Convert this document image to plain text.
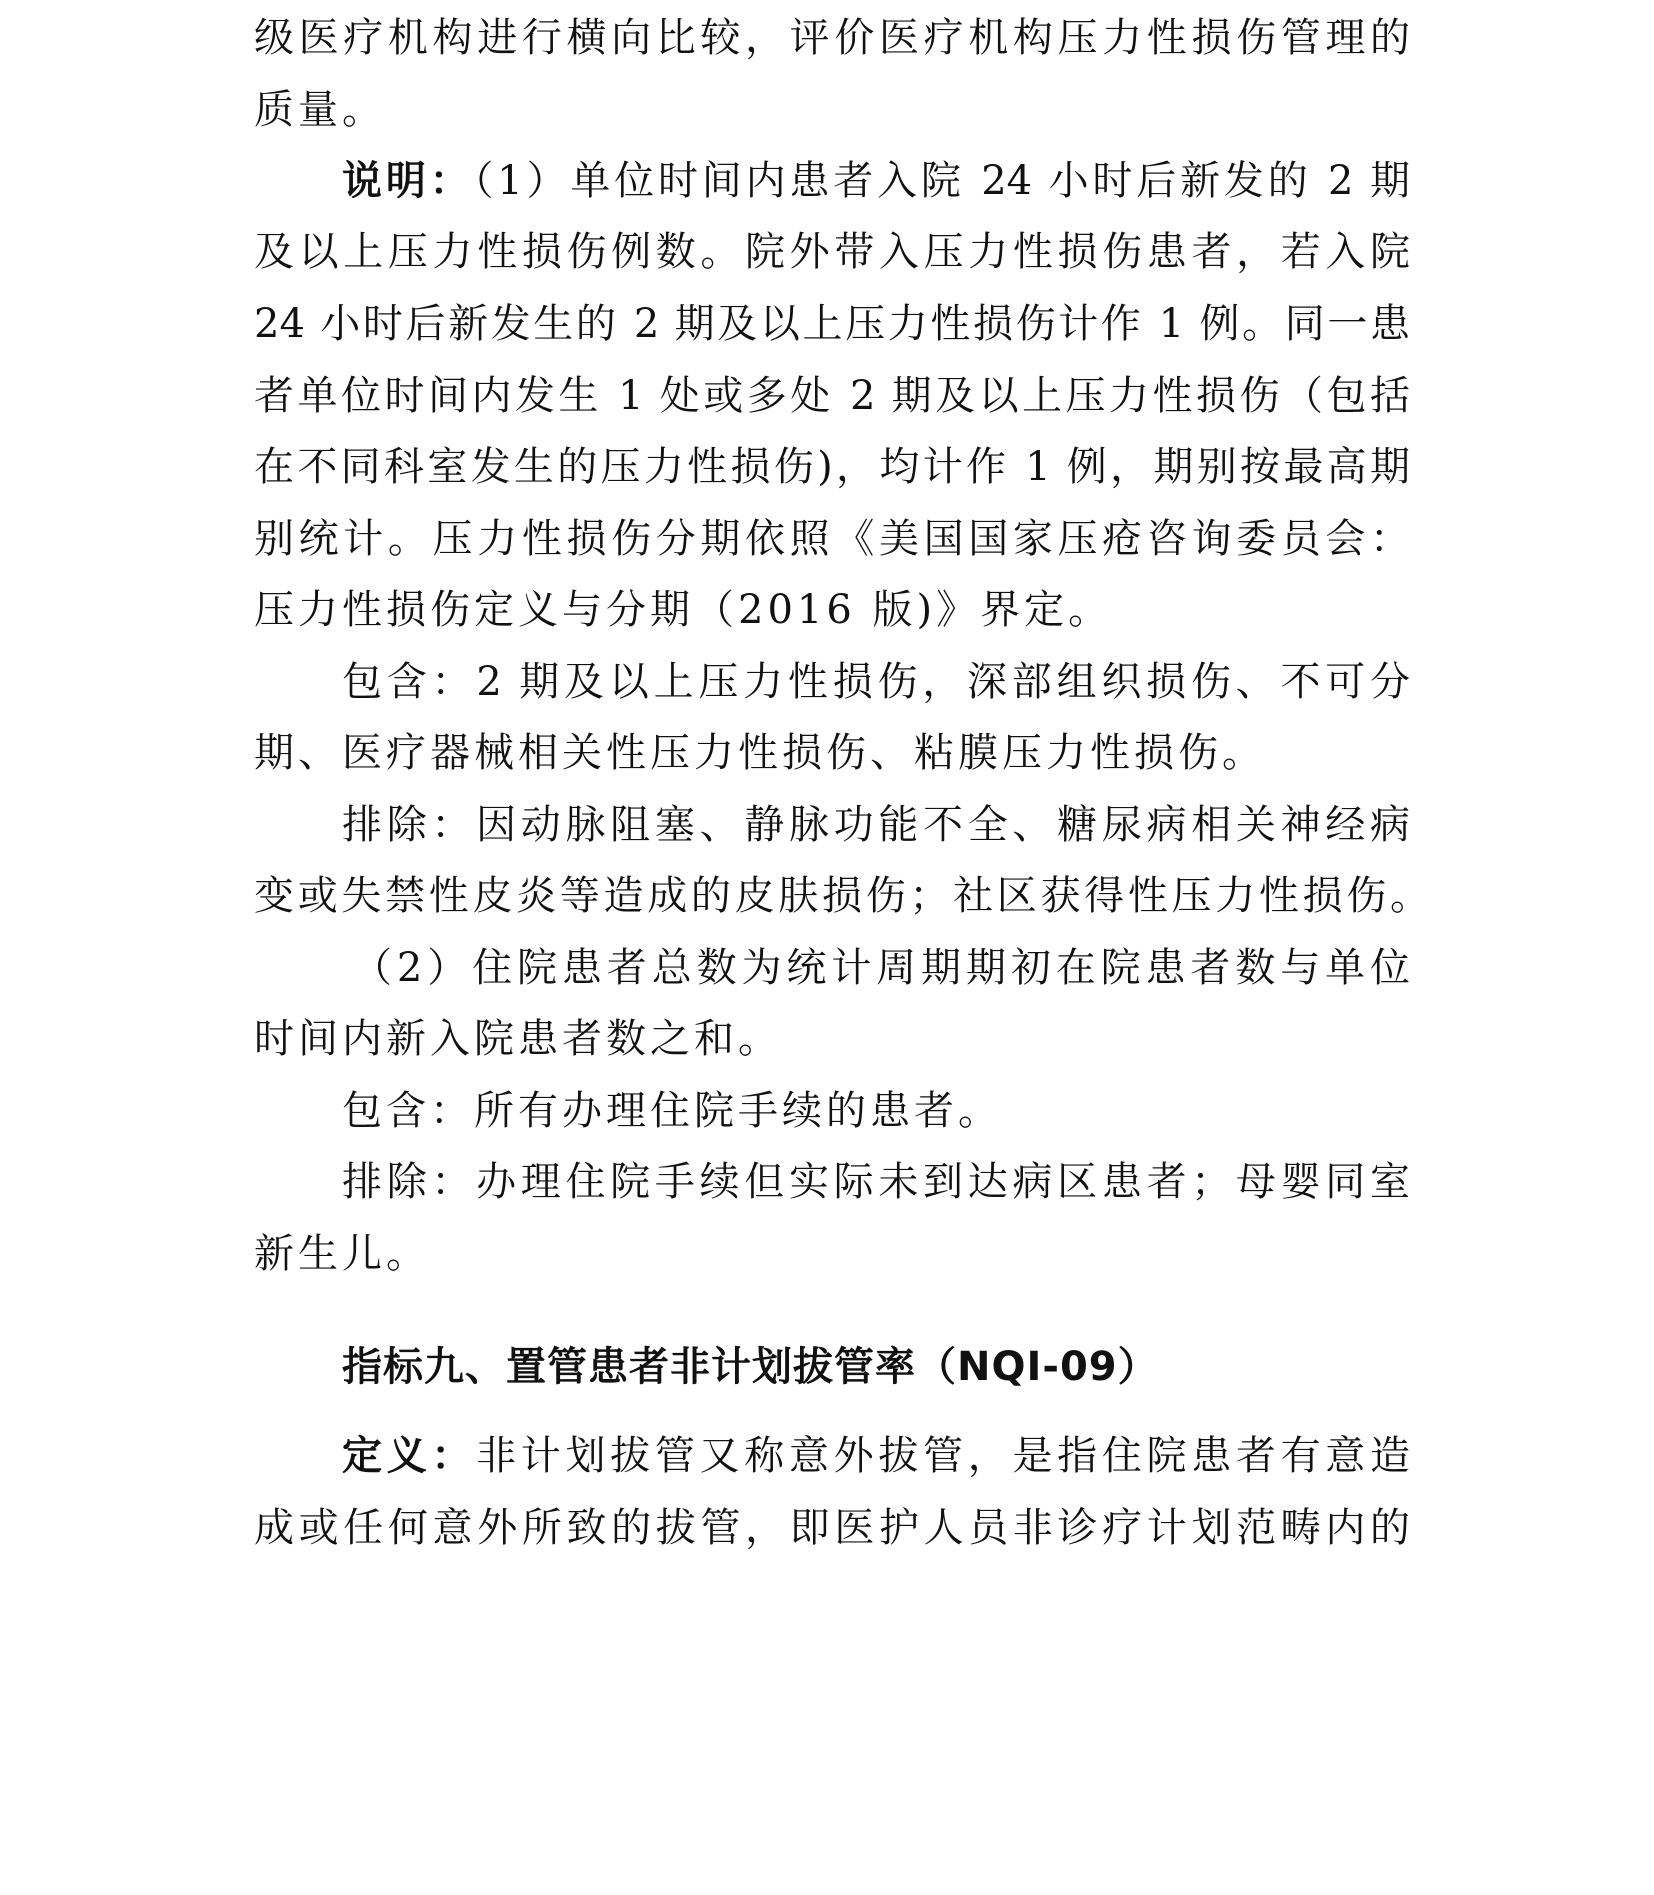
级医疗机构进行横向比较，评价医疗机构压力性损伤管理的
质量。
说明：（1）单位时间内患者入院 24 小时后新发的 2 期
及以上压力性损伤例数。院外带入压力性损伤患者，若入院
24 小时后新发生的 2 期及以上压力性损伤计作 1 例。同一患
者单位时间内发生 1 处或多处 2 期及以上压力性损伤（包括
在不同科室发生的压力性损伤)，均计作 1 例，期别按最高期
别统计。压力性损伤分期依照《美国国家压疮咨询委员会：
压力性损伤定义与分期（2016 版)》界定。
包含：2 期及以上压力性损伤，深部组织损伤、不可分
期、医疗器械相关性压力性损伤、粘膜压力性损伤。
排除：因动脉阻塞、静脉功能不全、糖尿病相关神经病
变或失禁性皮炎等造成的皮肤损伤；社区获得性压力性损伤。
（2）住院患者总数为统计周期期初在院患者数与单位
时间内新入院患者数之和。
包含：所有办理住院手续的患者。
排除：办理住院手续但实际未到达病区患者；母婴同室
新生儿。
指标九、置管患者非计划拔管率（NQI-09）
定义：非计划拔管又称意外拔管，是指住院患者有意造
成或任何意外所致的拔管，即医护人员非诊疗计划范畴内的
